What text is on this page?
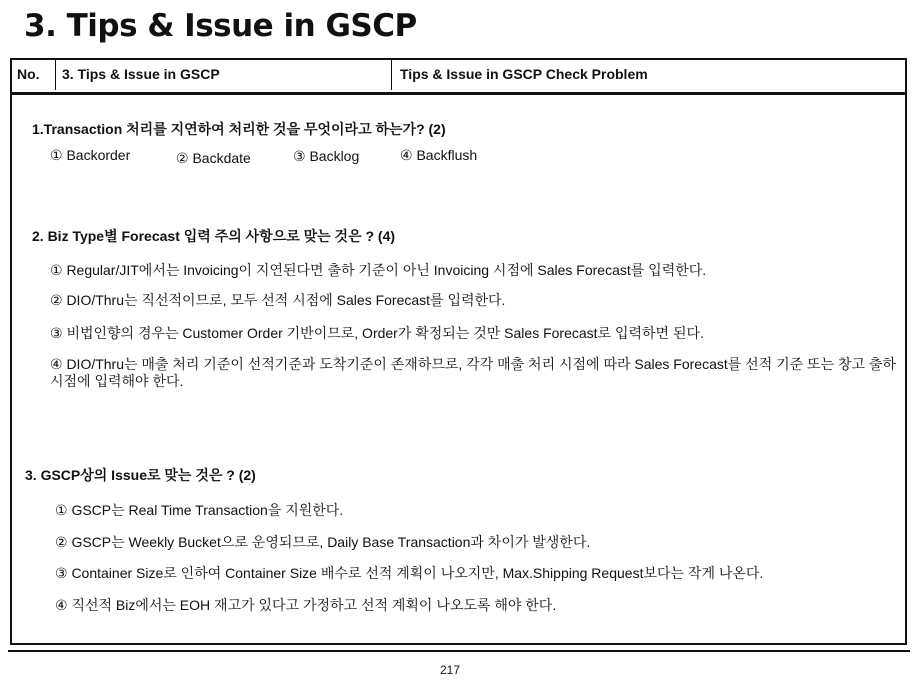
3. Tips & Issue in GSCP
No.	3. Tips & Issue in GSCP	Tips & Issue in GSCP Check Problem
1.Transaction 처리를 지연하여 처리한 것을 무엇이라고 하는가? (2)
① Backorder	② Backdate	③ Backlog	④ Backflush
2. Biz Type별 Forecast 입력 주의 사항으로 맞는 것은 ? (4)
① Regular/JIT에서는 Invoicing이 지연된다면 출하 기준이 아닌 Invoicing 시점에 Sales Forecast를 입력한다.
② DIO/Thru는 직선적이므로, 모두 선적 시점에 Sales Forecast를 입력한다.
③ 비법인향의 경우는 Customer Order 기반이므로, Order가 확정되는 것만 Sales Forecast로 입력하면 된다.
④ DIO/Thru는 매출 처리 기준이 선적기준과 도착기준이 존재하므로, 각각 매출 처리 시점에 따라 Sales Forecast를 선적 기준 또는 창고 출하 시점에 입력해야 한다.
3. GSCP상의 Issue로 맞는 것은 ? (2)
① GSCP는 Real Time Transaction을 지원한다.
② GSCP는 Weekly Bucket으로 운영되므로, Daily Base Transaction과 차이가 발생한다.
③ Container Size로 인하여 Container Size 배수로 선적 계획이 나오지만, Max.Shipping Request보다는 작게 나온다.
④ 직선적 Biz에서는 EOH 재고가 있다고 가정하고 선적 계획이 나오도록 해야 한다.
217
